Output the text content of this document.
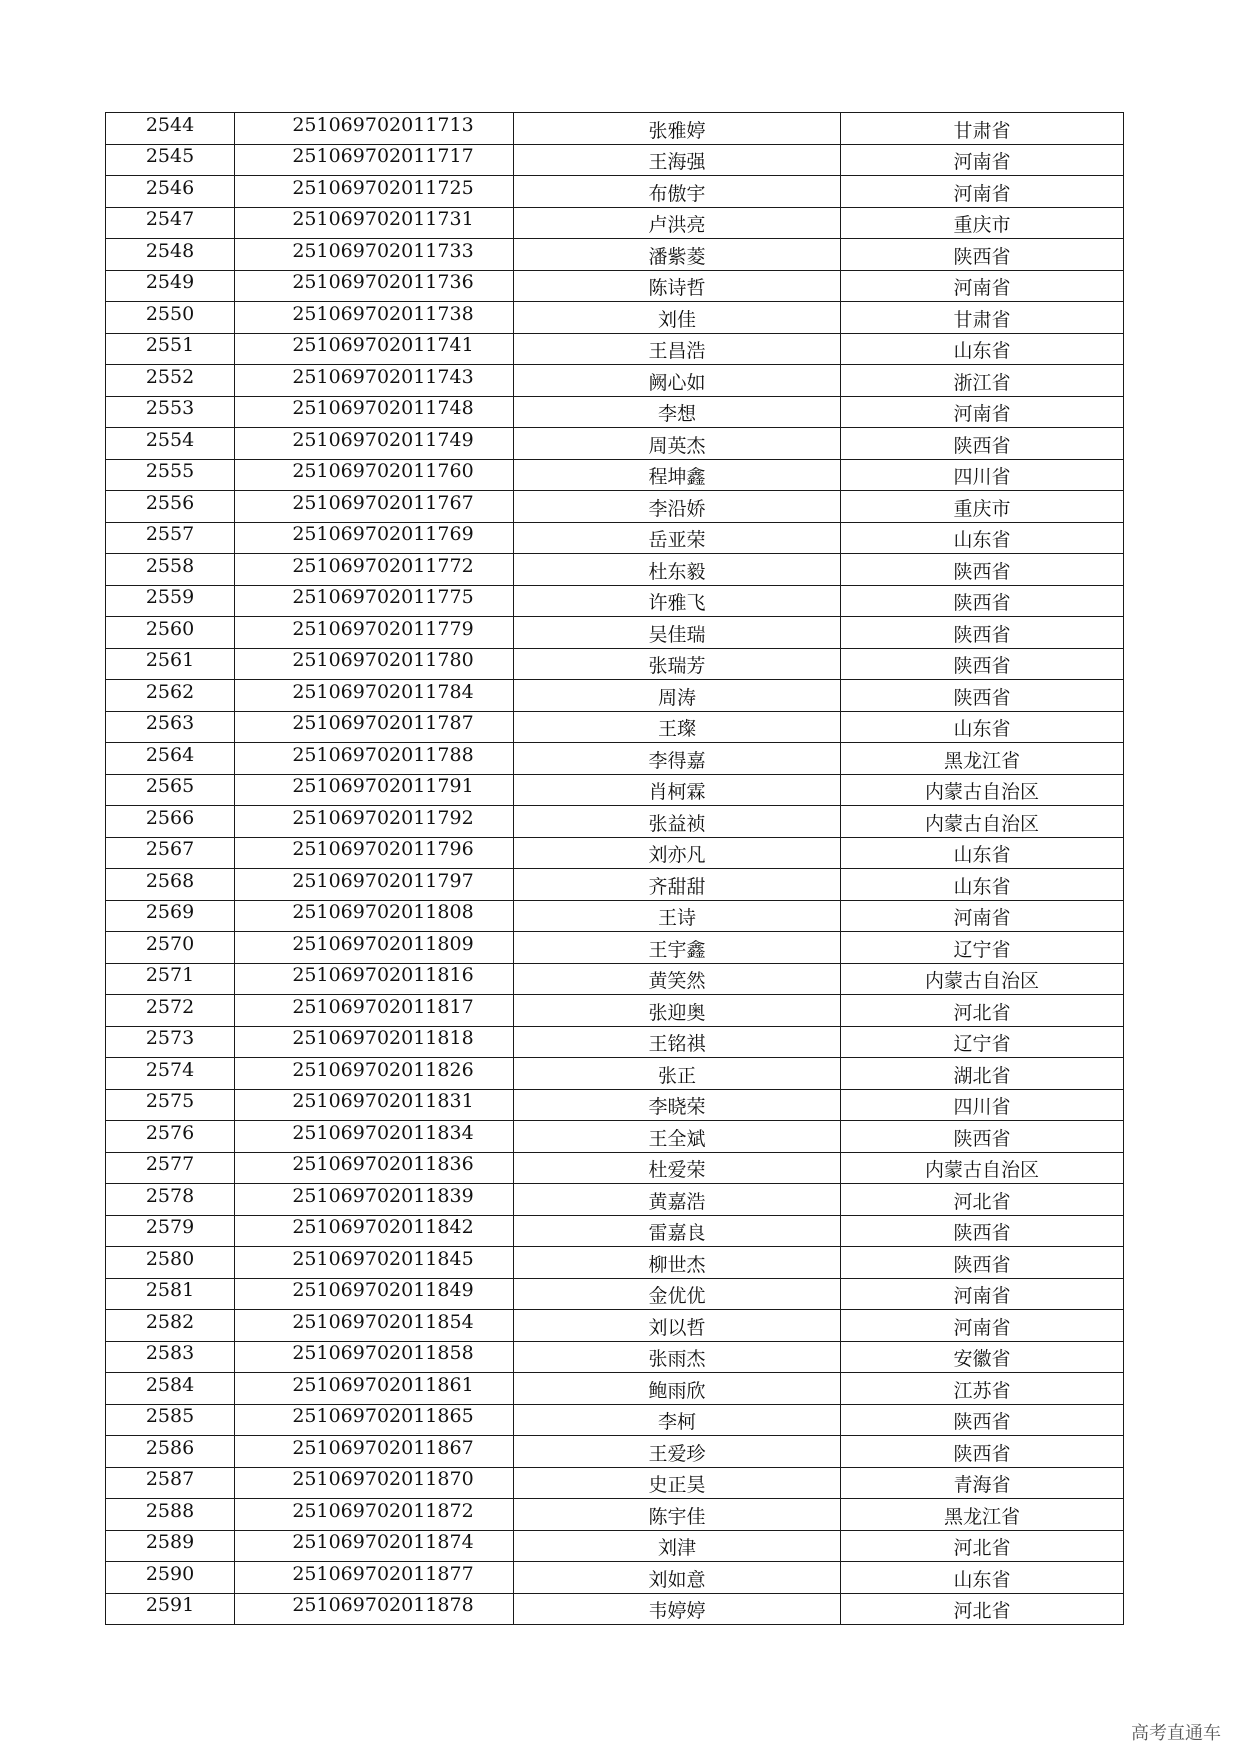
2544	251069702011713	张雅婷	甘肃省
2545	251069702011717	王海强	河南省
2546	251069702011725	布傲宇	河南省
2547	251069702011731	卢洪亮	重庆市
2548	251069702011733	潘紫菱	陕西省
2549	251069702011736	陈诗哲	河南省
2550	251069702011738	刘佳	甘肃省
2551	251069702011741	王昌浩	山东省
2552	251069702011743	阙心如	浙江省
2553	251069702011748	李想	河南省
2554	251069702011749	周英杰	陕西省
2555	251069702011760	程坤鑫	四川省
2556	251069702011767	李沿娇	重庆市
2557	251069702011769	岳亚荣	山东省
2558	251069702011772	杜东毅	陕西省
2559	251069702011775	许雅飞	陕西省
2560	251069702011779	吴佳瑞	陕西省
2561	251069702011780	张瑞芳	陕西省
2562	251069702011784	周涛	陕西省
2563	251069702011787	王璨	山东省
2564	251069702011788	李得嘉	黑龙江省
2565	251069702011791	肖柯霖	内蒙古自治区
2566	251069702011792	张益祯	内蒙古自治区
2567	251069702011796	刘亦凡	山东省
2568	251069702011797	齐甜甜	山东省
2569	251069702011808	王诗	河南省
2570	251069702011809	王宇鑫	辽宁省
2571	251069702011816	黄笑然	内蒙古自治区
2572	251069702011817	张迎奥	河北省
2573	251069702011818	王铭祺	辽宁省
2574	251069702011826	张正	湖北省
2575	251069702011831	李晓荣	四川省
2576	251069702011834	王全斌	陕西省
2577	251069702011836	杜爱荣	内蒙古自治区
2578	251069702011839	黄嘉浩	河北省
2579	251069702011842	雷嘉良	陕西省
2580	251069702011845	柳世杰	陕西省
2581	251069702011849	金优优	河南省
2582	251069702011854	刘以哲	河南省
2583	251069702011858	张雨杰	安徽省
2584	251069702011861	鲍雨欣	江苏省
2585	251069702011865	李柯	陕西省
2586	251069702011867	王爱珍	陕西省
2587	251069702011870	史正昊	青海省
2588	251069702011872	陈宇佳	黑龙江省
2589	251069702011874	刘津	河北省
2590	251069702011877	刘如意	山东省
2591	251069702011878	韦婷婷	河北省
高考直通车
